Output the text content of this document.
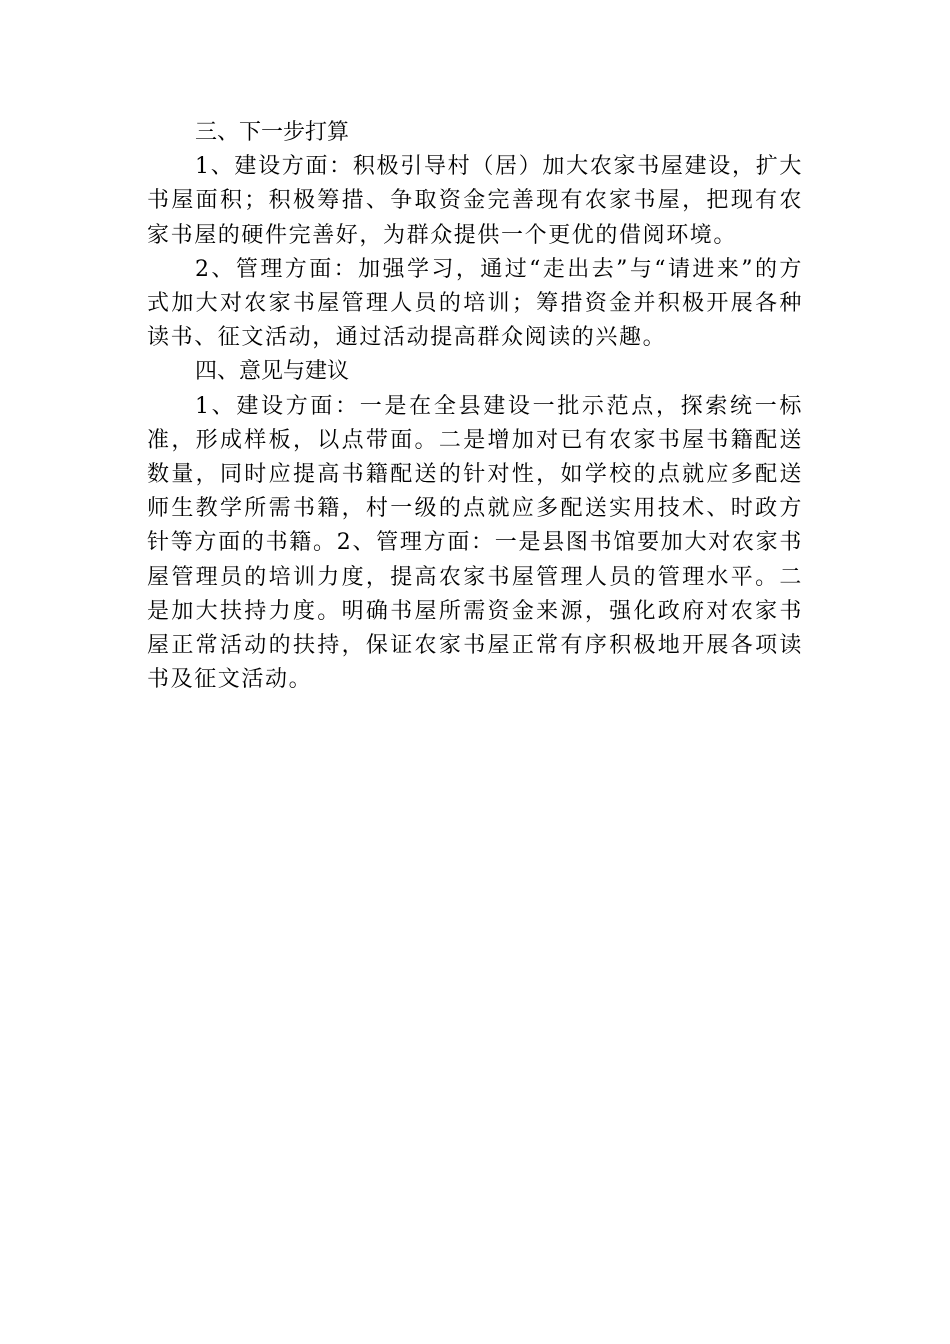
三、下一步打算

1、建设方面：积极引导村（居）加大农家书屋建设，扩大书屋面积；积极筹措、争取资金完善现有农家书屋，把现有农家书屋的硬件完善好，为群众提供一个更优的借阅环境。

2、管理方面：加强学习，通过“走出去”与“请进来”的方式加大对农家书屋管理人员的培训；筹措资金并积极开展各种读书、征文活动，通过活动提高群众阅读的兴趣。

四、意见与建议

1、建设方面：一是在全县建设一批示范点，探索统一标准，形成样板，以点带面。二是增加对已有农家书屋书籍配送数量，同时应提高书籍配送的针对性，如学校的点就应多配送师生教学所需书籍，村一级的点就应多配送实用技术、时政方针等方面的书籍。2、管理方面：一是县图书馆要加大对农家书屋管理员的培训力度，提高农家书屋管理人员的管理水平。二是加大扶持力度。明确书屋所需资金来源，强化政府对农家书屋正常活动的扶持，保证农家书屋正常有序积极地开展各项读书及征文活动。
